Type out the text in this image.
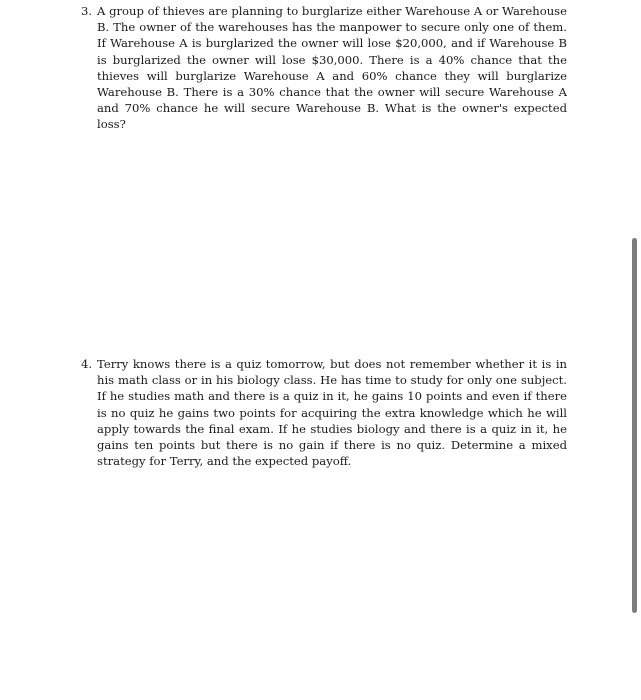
3. A group of thieves are planning to burglarize either Warehouse A or Warehouse B. The owner of the warehouses has the manpower to secure only one of them. If Warehouse A is burglarized the owner will lose $20,000, and if Warehouse B is burglarized the owner will lose $30,000. There is a 40% chance that the thieves will burglarize Warehouse A and 60% chance they will burglarize Warehouse B. There is a 30% chance that the owner will secure Warehouse A and 70% chance he will secure Warehouse B. What is the owner's expected loss?

4. Terry knows there is a quiz tomorrow, but does not remember whether it is in his math class or in his biology class. He has time to study for only one subject. If he studies math and there is a quiz in it, he gains 10 points and even if there is no quiz he gains two points for acquiring the extra knowledge which he will apply towards the final exam. If he studies biology and there is a quiz in it, he gains ten points but there is no gain if there is no quiz. Determine a mixed strategy for Terry, and the expected payoff.
